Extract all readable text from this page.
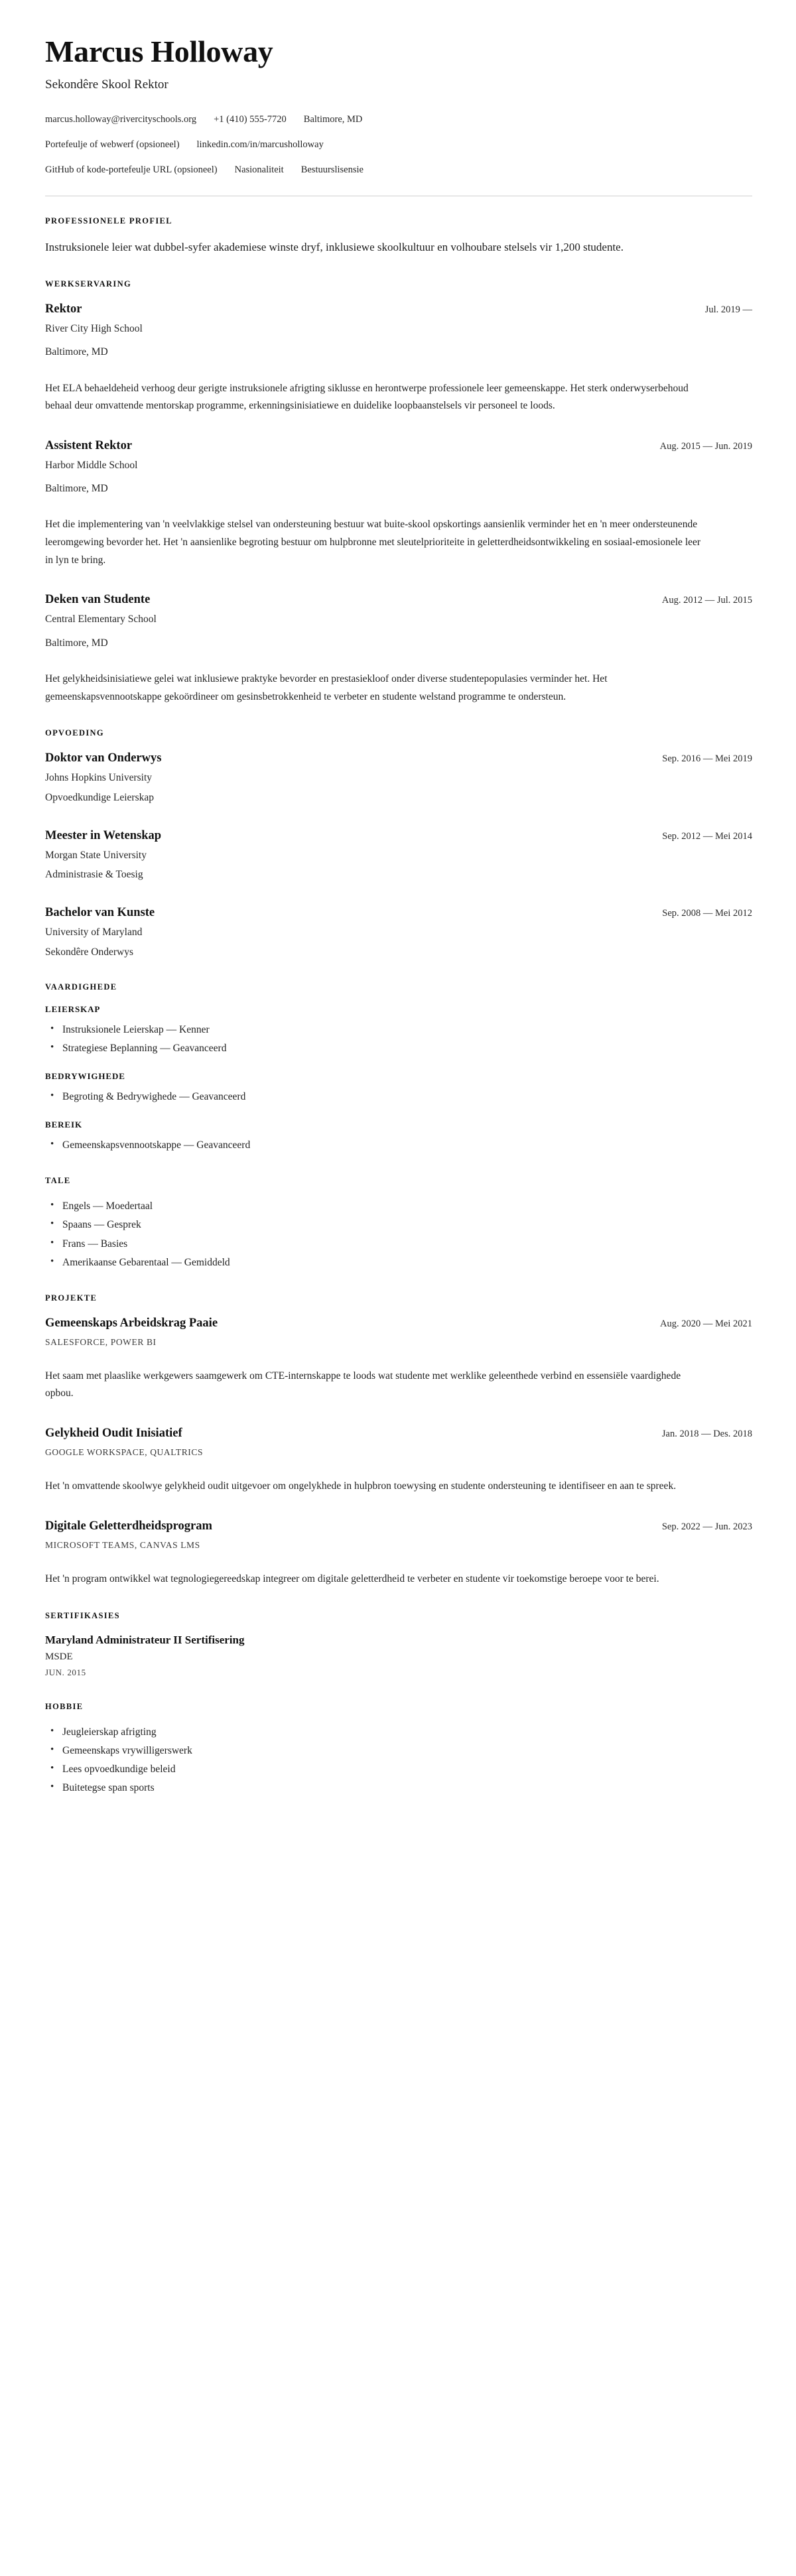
Marcus Holloway
Sekondêre Skool Rektor
marcus.holloway@rivercityschools.org +1 (410) 555-7720 Baltimore, MD
Portefeulje of webwerf (opsioneel) linkedin.com/in/marcusholloway
GitHub of kode-portefeulje URL (opsioneel) Nasionaliteit Bestuurslisensie
PROFESSIONELE PROFIEL

Instruksionele leier wat dubbel-syfer akademiese winste dryf, inklusiewe skoolkultuur en volhoubare stelsels vir 1,200 studente.

WERKSERVARING
Rektor	Jul. 2019 —

River City High School

Baltimore, MD

Het ELA behaeldeheid verhoog deur gerigte instruksionele afrigting siklusse en herontwerpe professionele leer gemeenskappe. Het sterk onderwyserbehoud behaal deur omvattende mentorskap programme, erkenningsinisiatiewe en duidelike loopbaanstelsels vir personeel te loods.

Assistent Rektor	Aug. 2015 — Jun. 2019

Harbor Middle School

Baltimore, MD

Het die implementering van 'n veelvlakkige stelsel van ondersteuning bestuur wat buite-skool opskortings aansienlik verminder het en 'n meer ondersteunende leeromgewing bevorder het. Het 'n aansienlike begroting bestuur om hulpbronne met sleutelprioriteite in geletterdheidsontwikkeling en sosiaal-emosionele leer in lyn te bring.

Deken van Studente	Aug. 2012 — Jul. 2015

Central Elementary School

Baltimore, MD

Het gelykheidsinisiatiewe gelei wat inklusiewe praktyke bevorder en prestasiekloof onder diverse studentepopulasies verminder het. Het gemeenskapsvennootskappe gekoördineer om gesinsbetrokkenheid te verbeter en studente welstand programme te ondersteun.

OPVOEDING
Doktor van Onderwys	Sep. 2016 — Mei 2019

Johns Hopkins University

Opvoedkundige Leierskap

Meester in Wetenskap	Sep. 2012 — Mei 2014

Morgan State University

Administrasie & Toesig

Bachelor van Kunste	Sep. 2008 — Mei 2012

University of Maryland

Sekondêre Onderwys

VAARDIGHEDE
LEIERSKAP
• Instruksionele Leierskap — Kenner
• Strategiese Beplanning — Geavanceerd
BEDRYWIGHEDE
• Begroting & Bedrywighede — Geavanceerd
BEREIK
• Gemeenskapsvennootskappe — Geavanceerd
TALE
• Engels — Moedertaal
• Spaans — Gesprek
• Frans — Basies
• Amerikaanse Gebarentaal — Gemiddeld
PROJEKTE
Gemeenskaps Arbeidskrag Paaie	Aug. 2020 — Mei 2021

SALESFORCE, POWER BI

Het saam met plaaslike werkgewers saamgewerk om CTE-internskappe te loods wat studente met werklike geleenthede verbind en essensiële vaardighede opbou.

Gelykheid Oudit Inisiatief	Jan. 2018 — Des. 2018

GOOGLE WORKSPACE, QUALTRICS

Het 'n omvattende skoolwye gelykheid oudit uitgevoer om ongelykhede in hulpbron toewysing en studente ondersteuning te identifiseer en aan te spreek.

Digitale Geletterdheidsprogram	Sep. 2022 — Jun. 2023

MICROSOFT TEAMS, CANVAS LMS

Het 'n program ontwikkel wat tegnologiegereedskap integreer om digitale geletterdheid te verbeter en studente vir toekomstige beroepe voor te berei.

SERTIFIKASIES

Maryland Administrateur II Sertifisering

MSDE

JUN. 2015

HOBBIE
• Jeugleierskap afrigting
• Gemeenskaps vrywilligerswerk
• Lees opvoedkundige beleid
• Buitetegse span sports
